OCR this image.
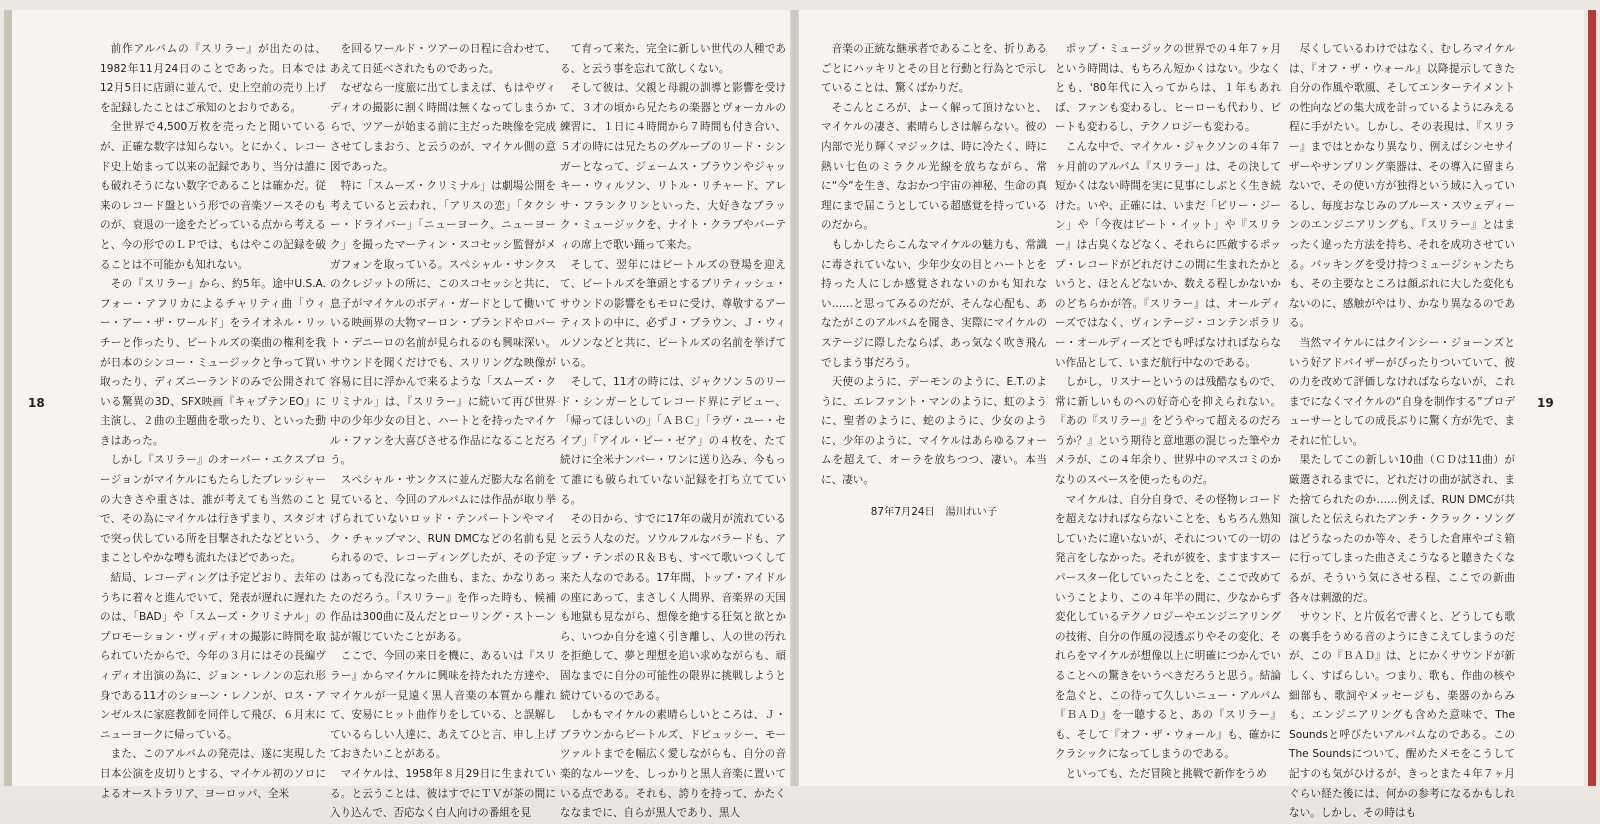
18

前作アルバムの『スリラー』が出たのは、1982年11月24日のことであった。日本では12月5日に店頭に並んで、史上空前の売り上げを記録したことはご承知のとおりである。

全世界で4,500万枚を売ったと聞いているが、正確な数字は知らない。とにかく、レコード史上始まって以来の記録であり、当分は誰にも破れそうにない数字であることは確かだ。従来のレコード盤という形での音楽ソースそのものが、衰退の一途をたどっている点から考えると、今の形でのＬＰでは、もはやこの記録を破ることは不可能かも知れない。

その『スリラー』から、約5年。途中U.S.A.フォー・アフリカによるチャリティ曲「ウィー・アー・ザ・ワールド」をライオネル・リッチーと作ったり、ビートルズの楽曲の権利を我が日本のシンコー・ミュージックと争って買い取ったり、ディズニーランドのみで公開されている驚異の3D、SFX映画『キャプテンEO』に主演し、２曲の主題曲を歌ったり、といった動きはあった。

しかし『スリラー』のオーバー・エクスプロージョンがマイケルにもたらしたプレッシャーの大きさや重さは、誰が考えても当然のことで、その為にマイケルは行きずまり、スタジオで突っ伏している所を目撃されたなどという、まことしやかな噂も流れたほどであった。

結局、レコーディングは予定どおり、去年のうちに着々と進んでいて、発表が遅れに遅れたのは、「BAD」や「スムーズ・クリミナル」のプロモーション・ヴィディオの撮影に時間を取られていたからで、今年の３月にはその長編ヴィディオ出演の為に、ジョン・レノンの忘れ形身である11才のショーン・レノンが、ロス・アンゼルスに家庭教師を同伴して飛び、６月末にニューヨークに帰っている。

また、このアルバムの発売は、遂に実現した日本公演を皮切りとする、マイケル初のソロによるオーストラリア、ヨーロッパ、全米

を回るワールド・ツアーの日程に合わせて、あえて日延べされたものであった。

なぜなら一度旅に出てしまえば、もはやヴィディオの撮影に割く時間は無くなってしまうからで、ツアーが始まる前に主だった映像を完成させてしまおう、と云うのが、マイケル側の意図であった。

特に「スムーズ・クリミナル」は劇場公開を考えていると云われ、「アリスの恋」「タクシー・ドライバー」「ニューヨーク、ニューヨーク」を撮ったマーティン・スコセッシ監督がメガフォンを取っている。スペシャル・サンクスのクレジットの所に、このスコセッシと共に、息子がマイケルのボディ・ガードとして働いている映画界の大物マーロン・ブランドやロバート・デニーロの名前が見られるのも興味深い。サウンドを聞くだけでも、スリリングな映像が容易に目に浮かんで来るような「スムーズ・クリミナル」は、『スリラー』に続いて再び世界中の少年少女の目と、ハートとを持ったマイケル・ファンを大喜びさせる作品になることだろう。

スペシャル・サンクスに並んだ膨大な名前を見ていると、今回のアルバムには作品が取り挙げられていないロッド・テンパートンやマイク・チャップマン、RUN DMCなどの名前も見られるので、レコーディングしたが、その予定はあっても没になった曲も、また、かなりあったのだろう。『スリラー』を作った時も、候補作品は300曲に及んだとローリング・ストーン誌が報じていたことがある。

ここで、今回の来日を機に、あるいは『スリラー』からマイケルに興味を持たれた方達や、マイケルが一見遠く黒人音楽の本質から離れて、安易にヒット曲作りをしている、と誤解しているらしい人達に、あえてひと言、申し上げておきたいことがある。

マイケルは、1958年８月29日に生まれている。と云うことは、彼はすでにＴＶが茶の間に入り込んで、否応なく白人向けの番組を見

て育って来た、完全に新しい世代の人種である、と云う事を忘れて欲しくない。

そして彼は、父親と母親の訓導と影響を受けて、３才の頃から兄たちの楽器とヴォーカルの練習に、１日に４時間から７時間も付き合い、５才の時には兄たちのグループのリード・シンガーとなって、ジェームス・ブラウンやジャッキー・ウィルソン、リトル・リチャード、アレサ・フランクリンといった、大好きなブラック・ミュージックを、ナイト・クラブやパーティの席上で歌い踊って来た。

そして、翌年にはビートルズの登場を迎えて、ビートルズを筆頭とするブリティッシュ・サウンドの影響をもモロに受け、尊敬するアーティストの中に、必ずＪ・ブラウン、Ｊ・ウィルソンなどと共に、ビートルズの名前を挙げている。

そして、11才の時には、ジャクソン５のリード・シンガーとしてレコード界にデビュー、「帰ってほしいの」「ＡＢＣ」「ラヴ・ユー・セイブ」「アイル・ビー・ゼア」の４枚を、たて続けに全米ナンバー・ワンに送り込み、今もって誰にも破られていない記録を打ち立てている。

その日から、すでに17年の歳月が流れていると云う人なのだ。ソウルフルなバラードも、アップ・テンポのＲ＆Ｂも、すべて歌いつくして来た人なのである。17年間、トップ・アイドルの座にあって、まさしく人間界、音楽界の天国も地獄も見ながら、想像を絶する狂気と欲とから、いつか自分を遠く引き離し、人の世の汚れを拒絶して、夢と理想を追い求めながらも、頑固なまでに自分の可能性の限界に挑戦しようと続けているのである。

しかもマイケルの素晴らしいところは、Ｊ・ブラウンからビートルズ、ドビュッシー、モーツァルトまでを幅広く愛しながらも、自分の音楽的なルーツを、しっかりと黒人音楽に置いている点である。それも、誇りを持って、かたくななまでに、自らが黒人であり、黒人

音楽の正統な継承者であることを、折りあるごとにハッキリとその目と行動と行為とで示していることは、驚くばかりだ。

そこんところが、よーく解って頂けないと、マイケルの凄さ、素晴らしさは解らない。彼の内部で光り輝くマジックは、時に冷たく、時に熱い七色のミラクル光線を放ちながら、常に“今”を生き、なおかつ宇宙の神秘、生命の真理にまで届こうとしている超感覚を持っているのだから。

もしかしたらこんなマイケルの魅力も、常識に毒されていない、少年少女の目とハートとを持った人にしか感覚されないのかも知れない……と思ってみるのだが、そんな心配も、あなたがこのアルバムを聞き、実際にマイケルのステージに際したならば、あっ気なく吹き飛んでしまう事だろう。

天使のように、デーモンのように、E.T.のように、エレファント・マンのように、虹のように、聖者のように、蛇のように、少女のように、少年のように、マイケルはあらゆるフォームを超えて、オーラを放ちつつ、凄い。本当に、凄い。

87年7月24日　湯川れい子

ポップ・ミュージックの世界での４年７ヶ月という時間は、もちろん短かくはない。少なくとも、'80年代に入ってからは、１年もあれば、ファンも変わるし、ヒーローも代わり、ビートも変わるし、テクノロジーも変わる。

こんな中で、マイケル・ジャクソンの４年７ヶ月前のアルバム『スリラー』は、その決して短かくはない時間を実に見事にしぶとく生き続けた。いや、正確には、いまだ「ビリー・ジーン」や「今夜はビート・イット」や『スリラー』は古臭くなどなく、それらに匹敵するポップ・レコードがどれだけこの間に生まれたかというと、ほとんどないか、数える程しかないかのどちらかが答。『スリラー』は、オールディーズではなく、ヴィンテージ・コンテンポラリー・オールディーズとでも呼ばなければならない作品として、いまだ航行中なのである。

しかし、リスナーというのは残酷なもので、常に新しいものへの好奇心を抑えられない。『あの『スリラー』をどうやって超えるのだろうか？』という期待と意地悪の混じった筆やカメラが、この４年余り、世界中のマスコミのかなりのスペースを使ったものだ。

マイケルは、自分自身で、その怪物レコードを超えなければならないことを、もちろん熟知していたに違いないが、それについての一切の発言をしなかった。それが彼を、ますますスーパースター化していったことを、ここで改めていうことより、この４年半の間に、少なからず変化しているテクノロジーやエンジニアリングの技術、自分の作風の浸透ぶりやその変化、それらをマイケルが想像以上に明確につかんでいることへの驚きをいうべきだろうと思う。結論を急ぐと、この待って久しいニュー・アルバム『ＢＡＤ』を一聴すると、あの『スリラー』も、そして『オフ・ザ・ウォール』も、確かにクラシックになってしまうのである。

といっても、ただ冒険と挑戦で新作をうめ

尽くしているわけではなく、むしろマイケルは、『オフ・ザ・ウォール』以降提示してきた自分の作風や歌風、そしてエンターテイメントの性向などの集大成を計っているようにみえる程に手がたい。しかし、その表現は、『スリラー』まではとかなり異なり、例えばシンセサイザーやサンプリング楽器は、その導入に留まらないで、その使い方が独得という域に入っているし、毎度おなじみのブルース・スウェディーンのエンジニアリングも、『スリラー』とはまったく違った方法を持ち、それを成功させている。バッキングを受け持つミュージシャンたちも、その主要なところは顔ぶれに大した変化もないのに、感触がやはり、かなり異なるのである。

当然マイケルにはクインシー・ジョーンズという好アドバイザーがぴったりついていて、彼の力を改めて評価しなければならないが、これまでになくマイケルの“自身を制作する”プロデューサーとしての成長ぶりに驚く方が先で、まそれに忙しい。

果たしてこの新しい10曲（ＣＤは11曲）が厳選されるまでに、どれだけの曲が試され、また捨てられたのか……例えば、RUN DMCが共演したと伝えられたアンチ・クラック・ソングはどうなったのか等々、そうした倉庫やゴミ箱に行ってしまった曲さえこうなると聴きたくなるが、そういう気にさせる程、ここでの新曲各々は刺激的だ。

サウンド、と片仮名で書くと、どうしても歌の裏手をうめる音のようにきこえてしまうのだが、この『ＢＡＤ』は、とにかくサウンドが新しく、すばらしい。つまり、歌も、作曲の核や細部も、歌詞やメッセージも、楽器のからみも、エンジニアリングも含めた意味で、The Soundsと呼びたいアルバムなのである。このThe Soundsについて、醒めたメモをこうして記すのも気がひけるが、きっとまた４年７ヶ月ぐらい経た後には、何かの参考になるかもしれない。しかし、その時はも

19
